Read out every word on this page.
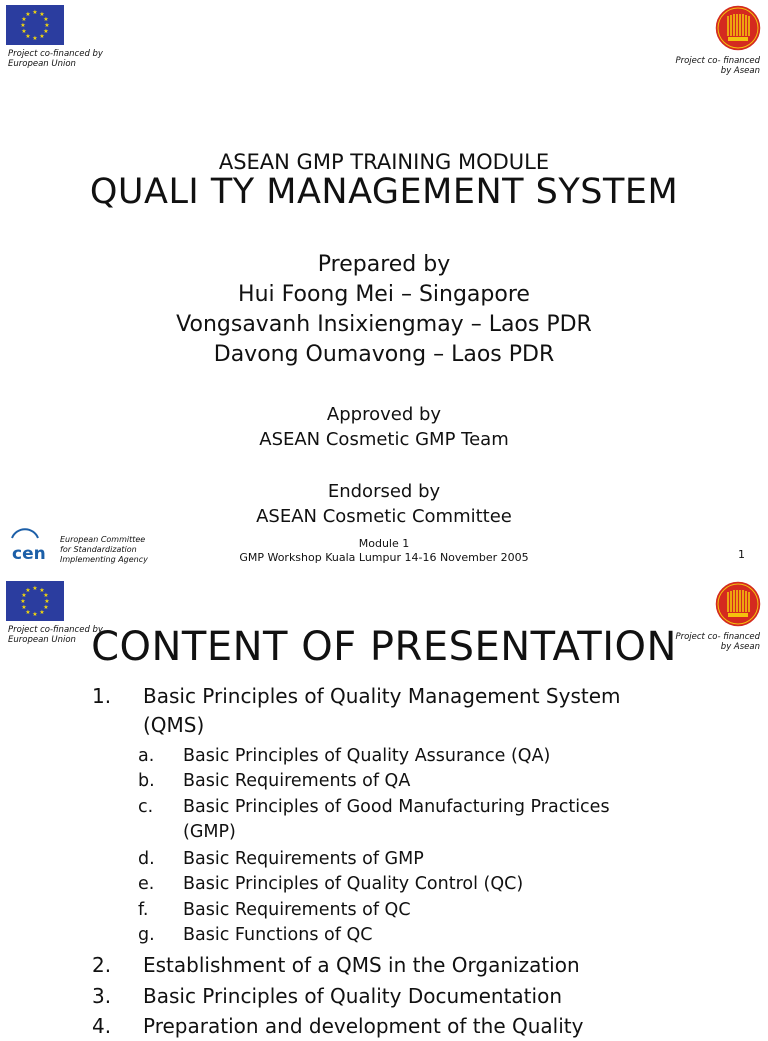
★ ★
★
★
★
★
★
★
★
★
★
★
Project co-financed by
European Union	Project co- financed
by Asean
ASEAN GMP TRAINING MODULE
QUALI TY MANAGEMENT SYSTEM
Prepared by
Hui Foong Mei – Singapore
Vongsavanh Insixiengmay – Laos PDR
Davong Oumavong – Laos PDR
Approved by
ASEAN Cosmetic GMP Team
Endorsed by
ASEAN Cosmetic Committee
cen
European Committee
for Standardization
Implementing Agency
Module 1
GMP Workshop Kuala Lumpur 14-16 November 2005	1
★ ★
★
★
★
★
★
★
★
★
★
★
Project co-financed by
European Union	Project co- financed
by Asean
CONTENT OF PRESENTATION
1. Basic Principles of Quality Management System
(QMS)
a. Basic Principles of Quality Assurance (QA)
b. Basic Requirements of QA
c. Basic Principles of Good Manufacturing Practices
(GMP)
d. Basic Requirements of GMP
e. Basic Principles of Quality Control (QC)
f. Basic Requirements of QC
g. Basic Functions of QC
2. Establishment of a QMS in the Organization
3. Basic Principles of Quality Documentation
4. Preparation and development of the Quality
